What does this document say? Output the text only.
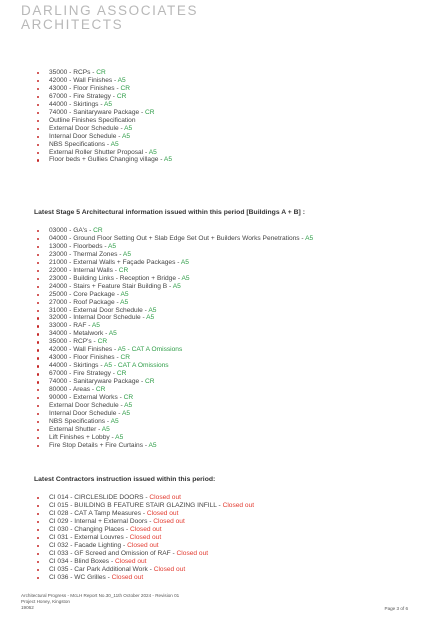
DARLING ASSOCIATES
ARCHITECTS
35000 - RCPs - CR
42000 - Wall Finishes - A5
43000 - Floor Finishes - CR
67000 - Fire Strategy - CR
44000 - Skirtings - A5
74000 - Sanitaryware Package - CR
Outline Finishes Specification
External Door Schedule - A5
Internal Door Schedule - A5
NBS Specifications - A5
External Roller Shutter Proposal - A5
Floor beds + Gullies Changing village - A5
Latest Stage 5 Architectural information issued within this period [Buildings A + B] :
03000 - GA's - CR
04000 - Ground Floor Setting Out + Slab Edge Set Out + Builders Works Penetrations - A5
13000 - Floorbeds - A5
23000 - Thermal Zones - A5
21000 - External Walls + Façade Packages - A5
22000 - Internal Walls - CR
23000 - Building Links - Reception + Bridge - A5
24000 - Stairs + Feature Stair Building B - A5
25000 - Core Package - A5
27000 - Roof Package - A5
31000 - External Door Schedule - A5
32000 - Internal Door Schedule - A5
33000 - RAF - A5
34000 - Metalwork - A5
35000 - RCP's - CR
42000 - Wall Finishes - A5 - CAT A Omissions
43000 - Floor Finishes - CR
44000 - Skirtings - A5 - CAT A Omissions
67000 - Fire Strategy - CR
74000 - Sanitaryware Package - CR
80000 - Areas - CR
90000 - External Works - CR
External Door Schedule - A5
Internal Door Schedule - A5
NBS Specifications - A5
External Shutter - A5
Lift Finishes + Lobby - A5
Fire Stop Details + Fire Curtains - A5
Latest Contractors instruction issued within this period:
CI 014 - CIRCLESLIDE DOORS - Closed out
CI 015 - BUILDING B FEATURE STAIR GLAZING INFILL - Closed out
CI 028 - CAT A Tamp Measures - Closed out
CI 029 - Internal + External Doors - Closed out
CI 030 - Changing Places - Closed out
CI 031 - External Louvres - Closed out
CI 032 - Facade Lighting - Closed out
CI 033 - GF Screed and Omission of RAF - Closed out
CI 034 - Blind Boxes - Closed out
CI 035 - Car Park Additional Work - Closed out
CI 036 - WC Grilles - Closed out
Architectural Progress - McLH Report No.30_11th October 2024 - Revision 01
Project Honey, Kingston
19062	Page 3 of 6
